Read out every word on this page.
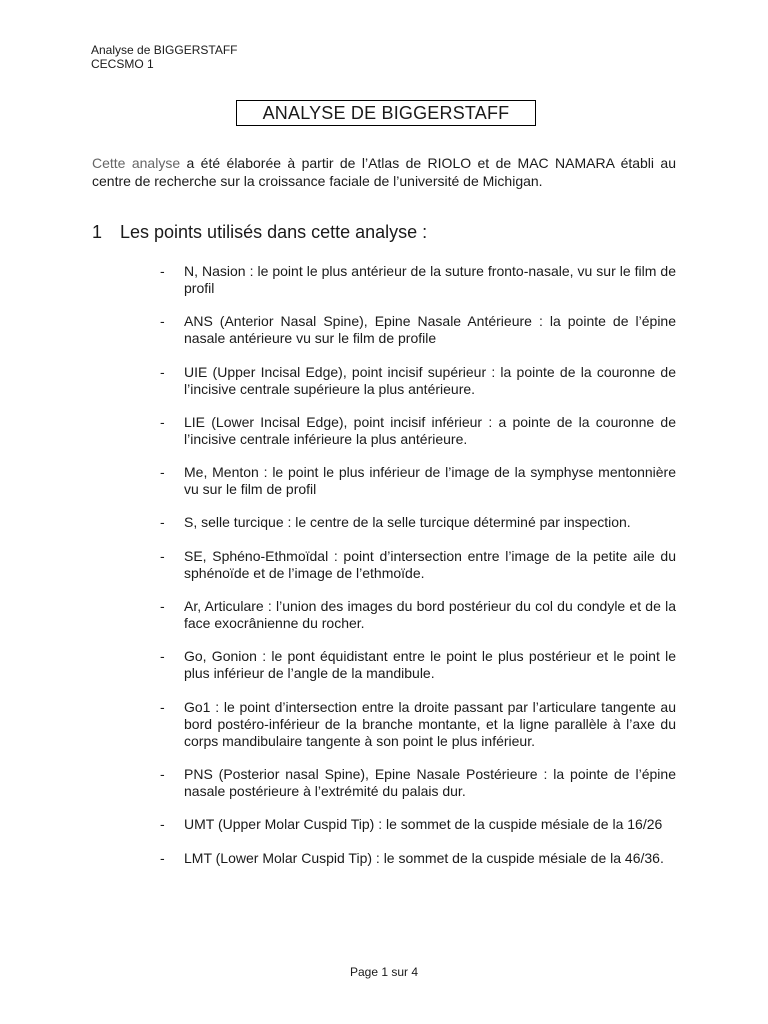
Analyse de BIGGERSTAFF
CECSMO 1
ANALYSE DE BIGGERSTAFF

Cette analyse a été élaborée à partir de l’Atlas de RIOLO et de MAC NAMARA établi au centre de recherche sur la croissance faciale de l’université de Michigan.

1 Les points utilisés dans cette analyse :
- N, Nasion : le point le plus antérieur de la suture fronto-nasale, vu sur le film de profil
- ANS (Anterior Nasal Spine), Epine Nasale Antérieure : la pointe de l’épine nasale antérieure vu sur le film de profile
- UIE (Upper Incisal Edge), point incisif supérieur : la pointe de la couronne de l’incisive centrale supérieure la plus antérieure.
- LIE (Lower Incisal Edge), point incisif inférieur : a pointe de la couronne de l’incisive centrale inférieure la plus antérieure.
- Me, Menton : le point le plus inférieur de l’image de la symphyse mentonnière vu sur le film de profil
- S, selle turcique : le centre de la selle turcique déterminé par inspection.
- SE, Sphéno-Ethmoïdal : point d’intersection entre l’image de la petite aile du sphénoïde et de l’image de l’ethmoïde.
- Ar, Articulare : l’union des images du bord postérieur du col du condyle et de la face exocrânienne du rocher.
- Go, Gonion : le pont équidistant entre le point le plus postérieur et le point le plus inférieur de l’angle de la mandibule.
- Go1 : le point d’intersection entre la droite passant par l’articulare tangente au bord postéro-inférieur de la branche montante, et la ligne parallèle à l’axe du corps mandibulaire tangente à son point le plus inférieur.
- PNS (Posterior nasal Spine), Epine Nasale Postérieure : la pointe de l’épine nasale postérieure à l’extrémité du palais dur.
- UMT (Upper Molar Cuspid Tip) : le sommet de la cuspide mésiale de la 16/26
- LMT (Lower Molar Cuspid Tip) : le sommet de la cuspide mésiale de la 46/36.
Page 1 sur 4
